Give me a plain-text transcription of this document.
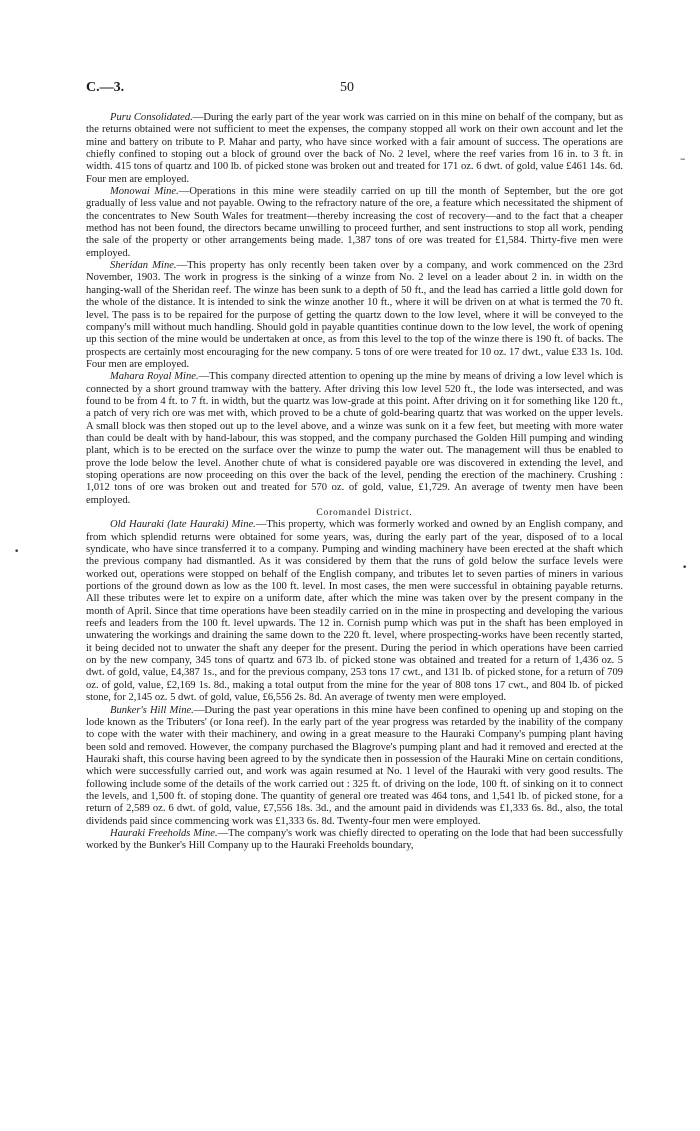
C.—3.	50

Puru Consolidated.—During the early part of the year work was carried on in this mine on behalf of the company, but as the returns obtained were not sufficient to meet the expenses, the company stopped all work on their own account and let the mine and battery on tribute to P. Mahar and party, who have since worked with a fair amount of success. The operations are chiefly confined to stoping out a block of ground over the back of No. 2 level, where the reef varies from 16 in. to 3 ft. in width. 415 tons of quartz and 100 lb. of picked stone was broken out and treated for 171 oz. 6 dwt. of gold, value £461 14s. 6d. Four men are employed.

Monowai Mine.—Operations in this mine were steadily carried on up till the month of September, but the ore got gradually of less value and not payable. Owing to the refractory nature of the ore, a feature which necessitated the shipment of the concentrates to New South Wales for treatment—thereby increasing the cost of recovery—and to the fact that a cheaper method has not been found, the directors became unwilling to proceed further, and sent instructions to stop all work, pending the sale of the property or other arrangements being made. 1,387 tons of ore was treated for £1,584. Thirty-five men were employed.

Sheridan Mine.—This property has only recently been taken over by a company, and work commenced on the 23rd November, 1903. The work in progress is the sinking of a winze from No. 2 level on a leader about 2 in. in width on the hanging-wall of the Sheridan reef. The winze has been sunk to a depth of 50 ft., and the lead has carried a little gold down for the whole of the distance. It is intended to sink the winze another 10 ft., where it will be driven on at what is termed the 70 ft. level. The pass is to be repaired for the purpose of getting the quartz down to the low level, where it will be conveyed to the company's mill without much handling. Should gold in payable quantities continue down to the low level, the work of opening up this section of the mine would be undertaken at once, as from this level to the top of the winze there is 190 ft. of backs. The prospects are certainly most encouraging for the new company. 5 tons of ore were treated for 10 oz. 17 dwt., value £33 1s. 10d. Four men are employed.

Mahara Royal Mine.—This company directed attention to opening up the mine by means of driving a low level which is connected by a short ground tramway with the battery. After driving this low level 520 ft., the lode was intersected, and was found to be from 4 ft. to 7 ft. in width, but the quartz was low-grade at this point. After driving on it for something like 120 ft., a patch of very rich ore was met with, which proved to be a chute of gold-bearing quartz that was worked on the upper levels. A small block was then stoped out up to the level above, and a winze was sunk on it a few feet, but meeting with more water than could be dealt with by hand-labour, this was stopped, and the company purchased the Golden Hill pumping and winding plant, which is to be erected on the surface over the winze to pump the water out. The management will thus be enabled to prove the lode below the level. Another chute of what is considered payable ore was discovered in extending the level, and stoping operations are now proceeding on this over the back of the level, pending the erection of the machinery. Crushing : 1,012 tons of ore was broken out and treated for 570 oz. of gold, value, £1,729. An average of twenty men have been employed.

Coromandel District.

Old Hauraki (late Hauraki) Mine.—This property, which was formerly worked and owned by an English company, and from which splendid returns were obtained for some years, was, during the early part of the year, disposed of to a local syndicate, who have since transferred it to a company. Pumping and winding machinery have been erected at the shaft which the previous company had dismantled. As it was considered by them that the runs of gold below the surface levels were worked out, operations were stopped on behalf of the English company, and tributes let to seven parties of miners in various portions of the ground down as low as the 100 ft. level. In most cases, the men were successful in obtaining payable returns. All these tributes were let to expire on a uniform date, after which the mine was taken over by the present company in the month of April. Since that time operations have been steadily carried on in the mine in prospecting and developing the various reefs and leaders from the 100 ft. level upwards. The 12 in. Cornish pump which was put in the shaft has been employed in unwatering the workings and draining the same down to the 220 ft. level, where prospecting-works have been recently started, it being decided not to unwater the shaft any deeper for the present. During the period in which operations have been carried on by the new company, 345 tons of quartz and 673 lb. of picked stone was obtained and treated for a return of 1,436 oz. 5 dwt. of gold, value, £4,387 1s., and for the previous company, 253 tons 17 cwt., and 131 lb. of picked stone, for a return of 709 oz. of gold, value, £2,169 1s. 8d., making a total output from the mine for the year of 808 tons 17 cwt., and 804 lb. of picked stone, for 2,145 oz. 5 dwt. of gold, value, £6,556 2s. 8d. An average of twenty men were employed.

Bunker's Hill Mine.—During the past year operations in this mine have been confined to opening up and stoping on the lode known as the Tributers' (or Iona reef). In the early part of the year progress was retarded by the inability of the company to cope with the water with their machinery, and owing in a great measure to the Hauraki Company's pumping plant having been sold and removed. However, the company purchased the Blagrove's pumping plant and had it removed and erected at the Hauraki shaft, this course having been agreed to by the syndicate then in possession of the Hauraki Mine on certain conditions, which were successfully carried out, and work was again resumed at No. 1 level of the Hauraki with very good results. The following include some of the details of the work carried out : 325 ft. of driving on the lode, 100 ft. of sinking on it to connect the levels, and 1,500 ft. of stoping done. The quantity of general ore treated was 464 tons, and 1,541 lb. of picked stone, for a return of 2,589 oz. 6 dwt. of gold, value, £7,556 18s. 3d., and the amount paid in dividends was £1,333 6s. 8d., also, the total dividends paid since commencing work was £1,333 6s. 8d. Twenty-four men were employed.

Hauraki Freeholds Mine.—The company's work was chiefly directed to operating on the lode that had been successfully worked by the Bunker's Hill Company up to the Hauraki Freeholds boundary,

–
•
•
